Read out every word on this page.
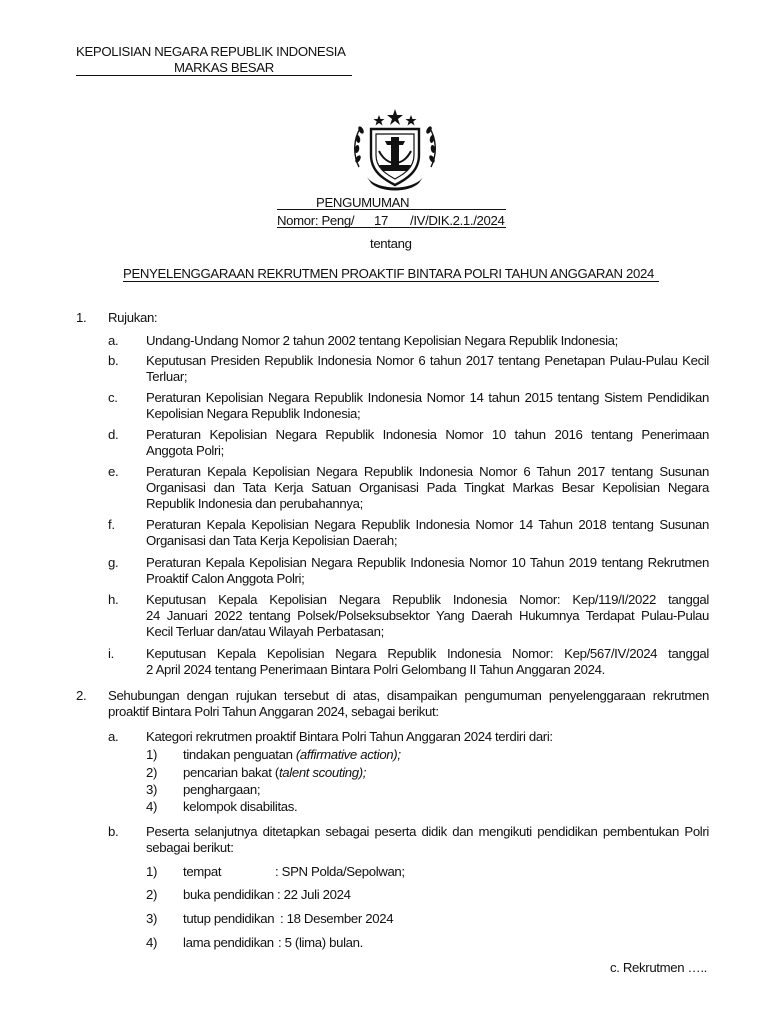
KEPOLISIAN NEGARA REPUBLIK INDONESIA
MARKAS BESAR
PENGUMUMAN
Nomor: Peng/ 17 /IV/DIK.2.1./2024
tentang
PENYELENGGARAAN REKRUTMEN PROAKTIF BINTARA POLRI TAHUN ANGGARAN 2024
1. Rujukan:
a. Undang-Undang Nomor 2 tahun 2002 tentang Kepolisian Negara Republik Indonesia;
b. Keputusan Presiden Republik Indonesia Nomor 6 tahun 2017 tentang Penetapan Pulau-Pulau Kecil
Terluar;
c. Peraturan Kepolisian Negara Republik Indonesia Nomor 14 tahun 2015 tentang Sistem Pendidikan
Kepolisian Negara Republik Indonesia;
d. Peraturan Kepolisian Negara Republik Indonesia Nomor 10 tahun 2016 tentang Penerimaan
Anggota Polri;
e. Peraturan Kepala Kepolisian Negara Republik Indonesia Nomor 6 Tahun 2017 tentang Susunan
Organisasi dan Tata Kerja Satuan Organisasi Pada Tingkat Markas Besar Kepolisian Negara
Republik Indonesia dan perubahannya;
f. Peraturan Kepala Kepolisian Negara Republik Indonesia Nomor 14 Tahun 2018 tentang Susunan
Organisasi dan Tata Kerja Kepolisian Daerah;
g. Peraturan Kepala Kepolisian Negara Republik Indonesia Nomor 10 Tahun 2019 tentang Rekrutmen
Proaktif Calon Anggota Polri;
h. Keputusan Kepala Kepolisian Negara Republik Indonesia Nomor: Kep/119/I/2022 tanggal
24 Januari 2022 tentang Polsek/Polseksubsektor Yang Daerah Hukumnya Terdapat Pulau-Pulau
Kecil Terluar dan/atau Wilayah Perbatasan;
i. Keputusan Kepala Kepolisian Negara Republik Indonesia Nomor: Kep/567/IV/2024 tanggal
2 April 2024 tentang Penerimaan Bintara Polri Gelombang II Tahun Anggaran 2024.
2. Sehubungan dengan rujukan tersebut di atas, disampaikan pengumuman penyelenggaraan rekrutmen
proaktif Bintara Polri Tahun Anggaran 2024, sebagai berikut:
a. Kategori rekrutmen proaktif Bintara Polri Tahun Anggaran 2024 terdiri dari:
1) tindakan penguatan (affirmative action);
2) pencarian bakat (talent scouting);
3) penghargaan;
4) kelompok disabilitas.
b. Peserta selanjutnya ditetapkan sebagai peserta didik dan mengikuti pendidikan pembentukan Polri
sebagai berikut:
1) tempat	: SPN Polda/Sepolwan;
2) buka pendidikan : 22 Juli 2024
3) tutup pendidikan : 18 Desember 2024
4) lama pendidikan : 5 (lima) bulan.
c. Rekrutmen …..
